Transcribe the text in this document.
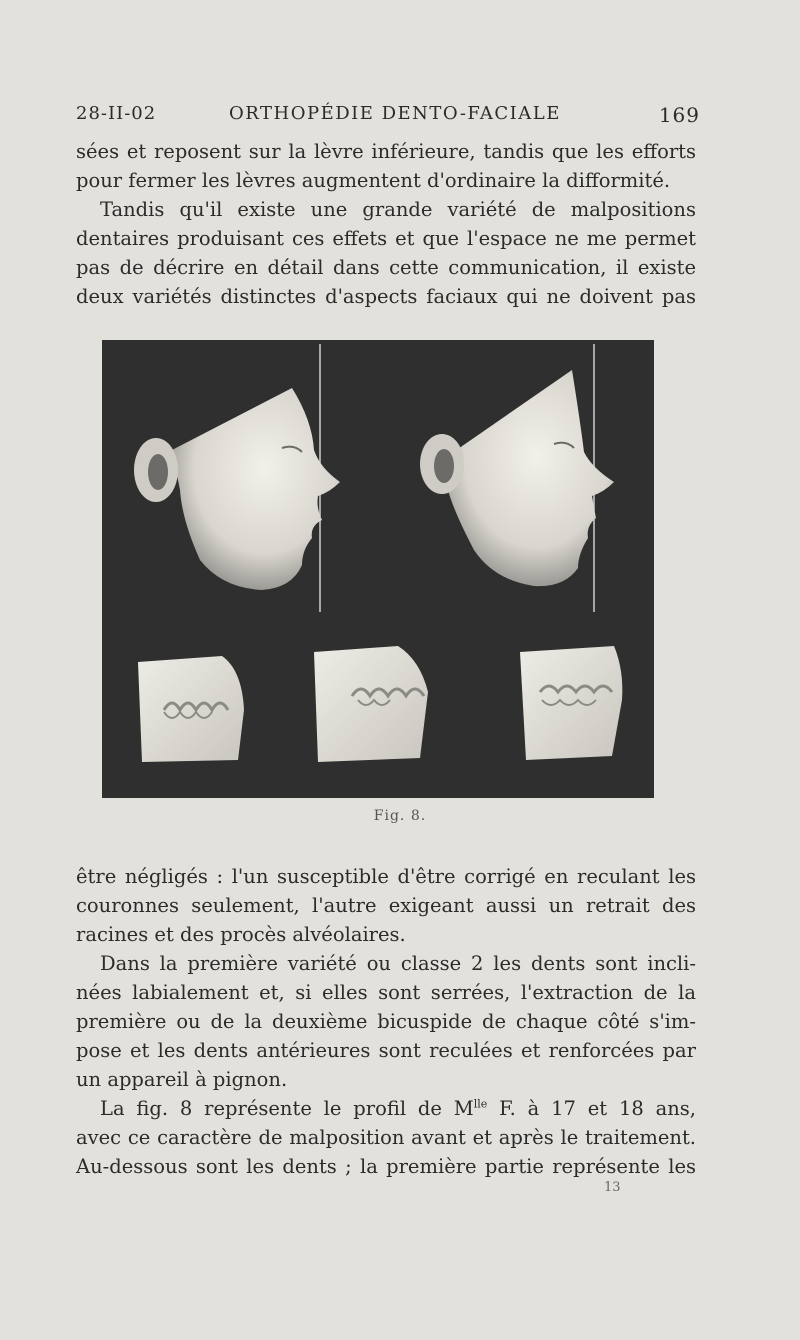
28-II-02	ORTHOPÉDIE DENTO-FACIALE	169

sées et reposent sur la lèvre inférieure, tandis que les efforts
pour fermer les lèvres augmentent d'ordinaire la difformité.
Tandis qu'il existe une grande variété de malpositions
dentaires produisant ces effets et que l'espace ne me permet
pas de décrire en détail dans cette communication, il existe
deux variétés distinctes d'aspects faciaux qui ne doivent pas

Fig. 8.

être négligés : l'un susceptible d'être corrigé en reculant les
couronnes seulement, l'autre exigeant aussi un retrait des
racines et des procès alvéolaires.
Dans la première variété ou classe 2 les dents sont incli-
nées labialement et, si elles sont serrées, l'extraction de la
première ou de la deuxième bicuspide de chaque côté s'im-
pose et les dents antérieures sont reculées et renforcées par
un appareil à pignon.
La fig. 8 représente le profil de $M^{lle}$ F. à 17 et 18 ans,
avec ce caractère de malposition avant et après le traitement.
Au-dessous sont les dents ; la première partie représente les

13
